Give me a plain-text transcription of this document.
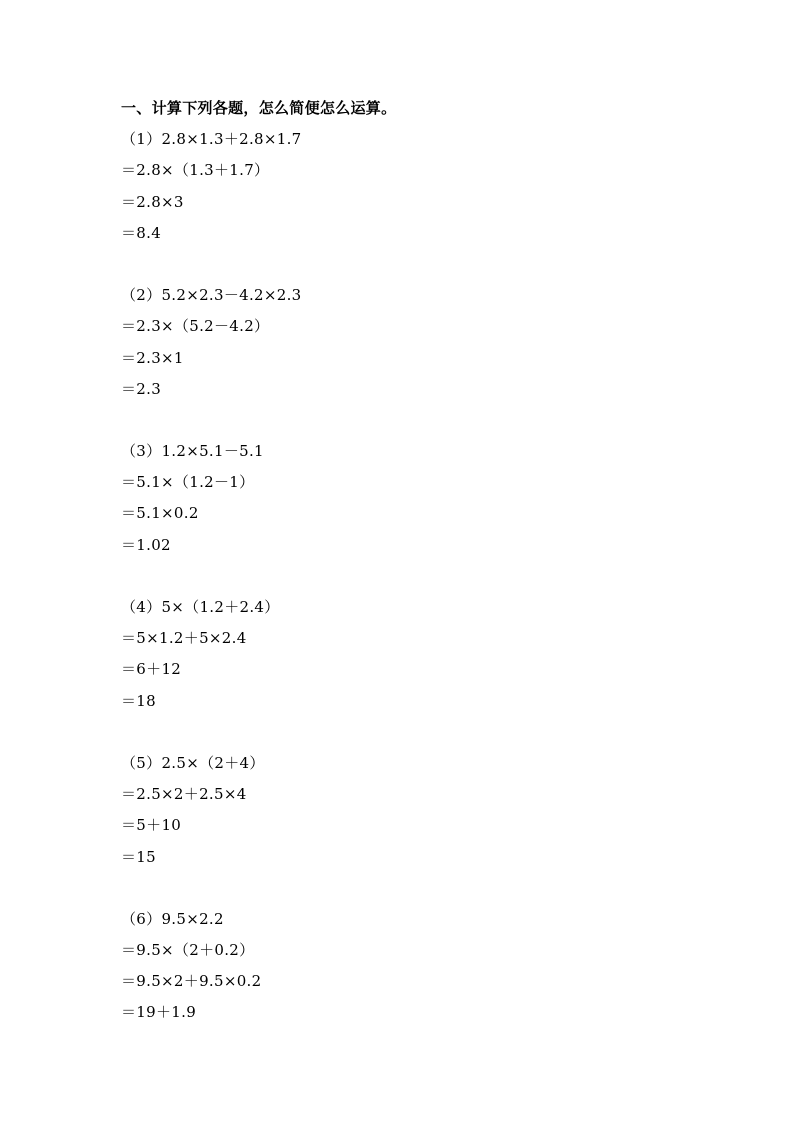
一、计算下列各题，怎么简便怎么运算。
（1）2.8×1.3＋2.8×1.7
＝2.8×（1.3＋1.7）
＝2.8×3
＝8.4
（2）5.2×2.3－4.2×2.3
＝2.3×（5.2－4.2）
＝2.3×1
＝2.3
（3）1.2×5.1－5.1
＝5.1×（1.2－1）
＝5.1×0.2
＝1.02
（4）5×（1.2＋2.4）
＝5×1.2＋5×2.4
＝6＋12
＝18
（5）2.5×（2＋4）
＝2.5×2＋2.5×4
＝5＋10
＝15
（6）9.5×2.2
＝9.5×（2＋0.2）
＝9.5×2＋9.5×0.2
＝19＋1.9
